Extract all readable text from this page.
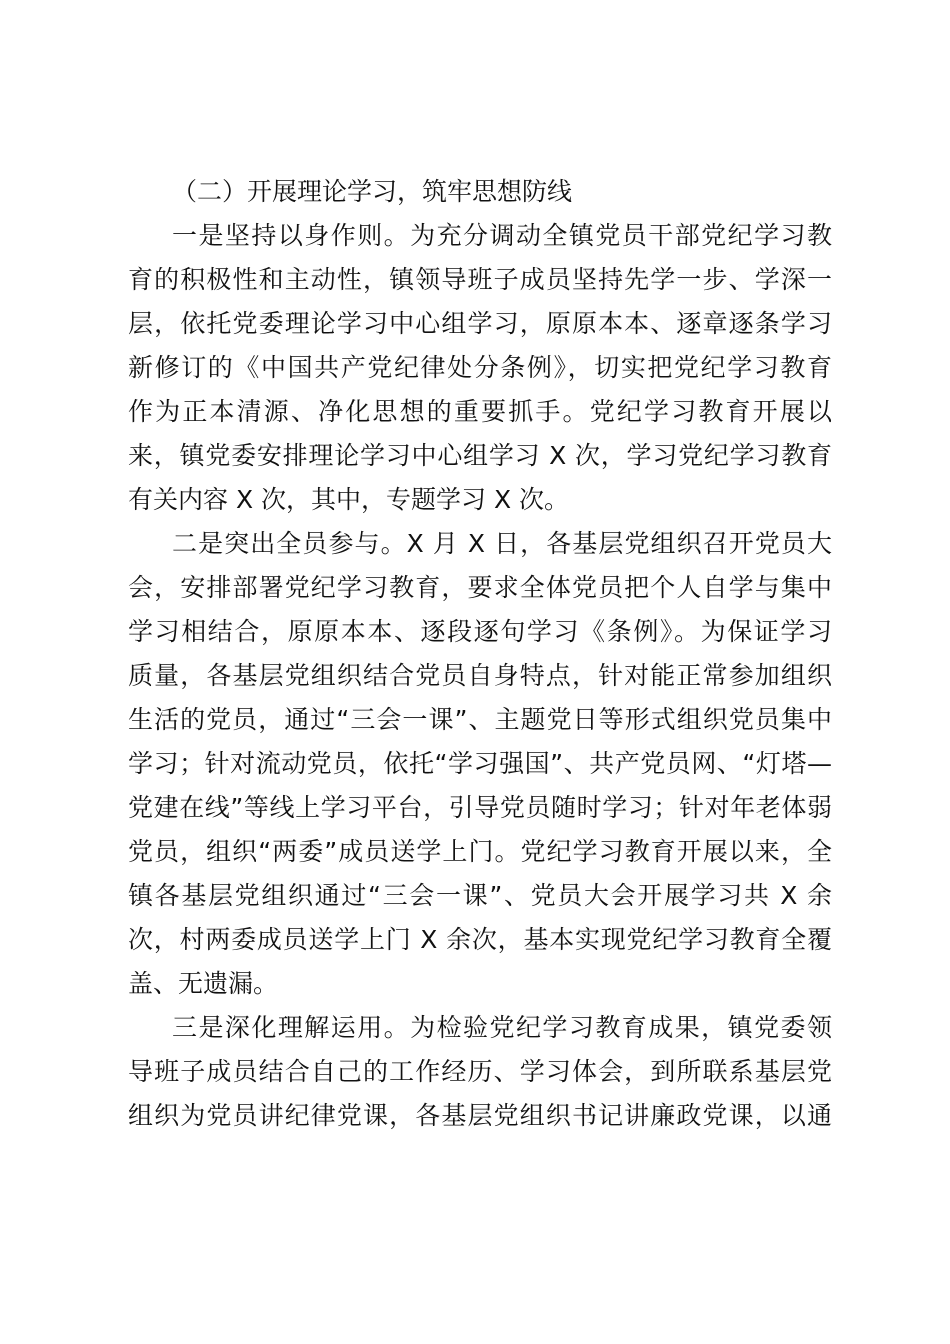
（二）开展理论学习，筑牢思想防线
一是坚持以身作则。为充分调动全镇党员干部党纪学习教
育的积极性和主动性，镇领导班子成员坚持先学一步、学深一
层，依托党委理论学习中心组学习，原原本本、逐章逐条学习
新修订的《中国共产党纪律处分条例》，切实把党纪学习教育
作为正本清源、净化思想的重要抓手。党纪学习教育开展以
来，镇党委安排理论学习中心组学习 X 次，学习党纪学习教育
有关内容 X 次，其中，专题学习 X 次。
二是突出全员参与。X 月 X 日，各基层党组织召开党员大
会，安排部署党纪学习教育，要求全体党员把个人自学与集中
学习相结合，原原本本、逐段逐句学习《条例》。为保证学习
质量，各基层党组织结合党员自身特点，针对能正常参加组织
生活的党员，通过“三会一课”、主题党日等形式组织党员集中
学习；针对流动党员，依托“学习强国”、共产党员网、“灯塔—
党建在线”等线上学习平台，引导党员随时学习；针对年老体弱
党员，组织“两委”成员送学上门。党纪学习教育开展以来，全
镇各基层党组织通过“三会一课”、党员大会开展学习共 X 余
次，村两委成员送学上门 X 余次，基本实现党纪学习教育全覆
盖、无遗漏。
三是深化理解运用。为检验党纪学习教育成果，镇党委领
导班子成员结合自己的工作经历、学习体会，到所联系基层党
组织为党员讲纪律党课，各基层党组织书记讲廉政党课，以通
